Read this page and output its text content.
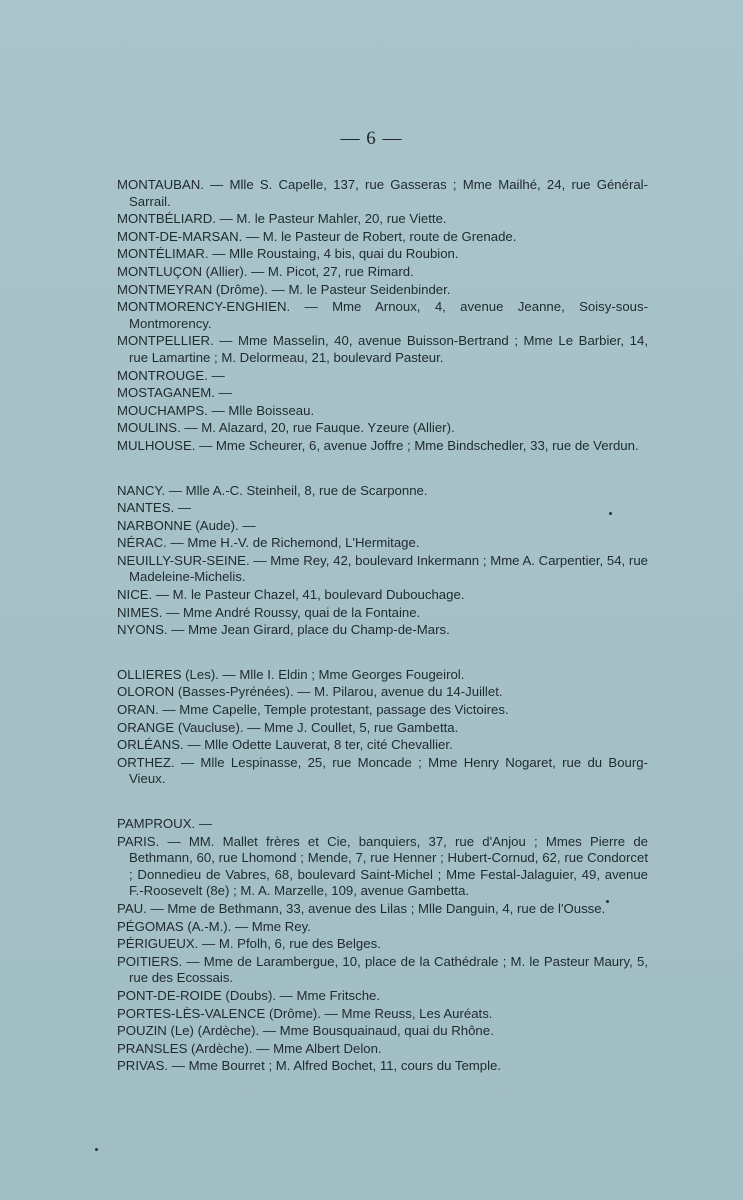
— 6 —

MONTAUBAN. — Mlle S. Capelle, 137, rue Gasseras ; Mme Mailhé, 24, rue Général-Sarrail.

MONTBÉLIARD. — M. le Pasteur Mahler, 20, rue Viette.

MONT-DE-MARSAN. — M. le Pasteur de Robert, route de Grenade.

MONTÉLIMAR. — Mlle Roustaing, 4 bis, quai du Roubion.

MONTLUÇON (Allier). — M. Picot, 27, rue Rimard.

MONTMEYRAN (Drôme). — M. le Pasteur Seidenbinder.

MONTMORENCY-ENGHIEN. — Mme Arnoux, 4, avenue Jeanne, Soisy-sous-Montmorency.

MONTPELLIER. — Mme Masselin, 40, avenue Buisson-Bertrand ; Mme Le Barbier, 14, rue Lamartine ; M. Delormeau, 21, boulevard Pasteur.

MONTROUGE. —

MOSTAGANEM. —

MOUCHAMPS. — Mlle Boisseau.

MOULINS. — M. Alazard, 20, rue Fauque. Yzeure (Allier).

MULHOUSE. — Mme Scheurer, 6, avenue Joffre ; Mme Bindschedler, 33, rue de Verdun.

NANCY. — Mlle A.-C. Steinheil, 8, rue de Scarponne.

NANTES. —

NARBONNE (Aude). —

NÉRAC. — Mme H.-V. de Richemond, L'Hermitage.

NEUILLY-SUR-SEINE. — Mme Rey, 42, boulevard Inkermann ; Mme A. Carpentier, 54, rue Madeleine-Michelis.

NICE. — M. le Pasteur Chazel, 41, boulevard Dubouchage.

NIMES. — Mme André Roussy, quai de la Fontaine.

NYONS. — Mme Jean Girard, place du Champ-de-Mars.

OLLIERES (Les). — Mlle I. Eldin ; Mme Georges Fougeirol.

OLORON (Basses-Pyrénées). — M. Pilarou, avenue du 14-Juillet.

ORAN. — Mme Capelle, Temple protestant, passage des Victoires.

ORANGE (Vaucluse). — Mme J. Coullet, 5, rue Gambetta.

ORLÉANS. — Mlle Odette Lauverat, 8 ter, cité Chevallier.

ORTHEZ. — Mlle Lespinasse, 25, rue Moncade ; Mme Henry Nogaret, rue du Bourg-Vieux.

PAMPROUX. —

PARIS. — MM. Mallet frères et Cie, banquiers, 37, rue d'Anjou ; Mmes Pierre de Bethmann, 60, rue Lhomond ; Mende, 7, rue Henner ; Hubert-Cornud, 62, rue Condorcet ; Donnedieu de Vabres, 68, boulevard Saint-Michel ; Mme Festal-Jalaguier, 49, avenue F.-Roosevelt (8e) ; M. A. Marzelle, 109, avenue Gambetta.

PAU. — Mme de Bethmann, 33, avenue des Lilas ; Mlle Danguin, 4, rue de l'Ousse.

PÉGOMAS (A.-M.). — Mme Rey.

PÉRIGUEUX. — M. Pfolh, 6, rue des Belges.

POITIERS. — Mme de Larambergue, 10, place de la Cathédrale ; M. le Pasteur Maury, 5, rue des Ecossais.

PONT-DE-ROIDE (Doubs). — Mme Fritsche.

PORTES-LÈS-VALENCE (Drôme). — Mme Reuss, Les Auréats.

POUZIN (Le) (Ardèche). — Mme Bousquainaud, quai du Rhône.

PRANSLES (Ardèche). — Mme Albert Delon.

PRIVAS. — Mme Bourret ; M. Alfred Bochet, 11, cours du Temple.
